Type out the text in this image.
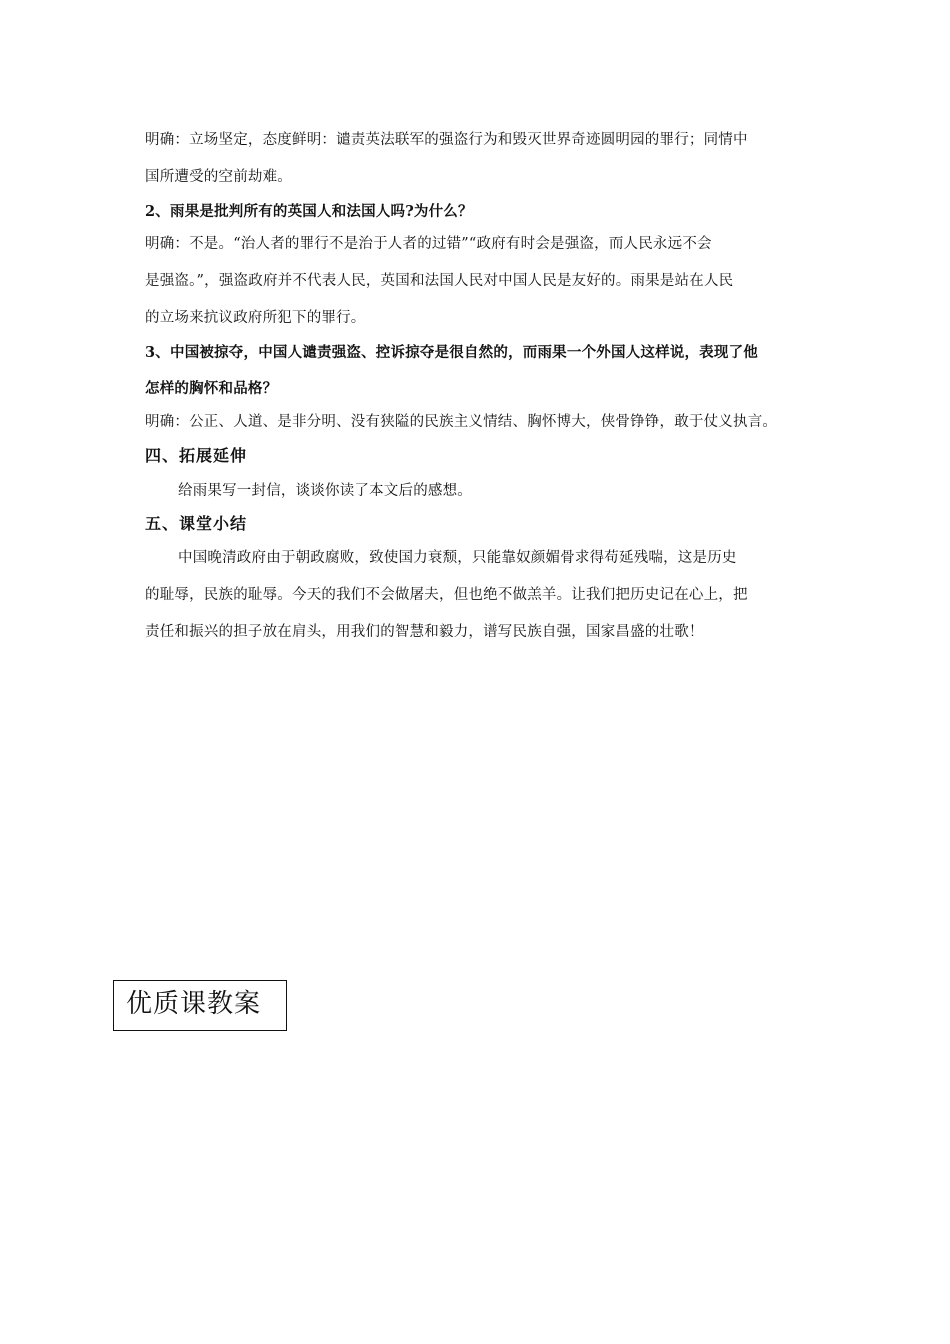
明确：立场坚定，态度鲜明：谴责英法联军的强盗行为和毁灭世界奇迹圆明园的罪行；同情中
国所遭受的空前劫难。
2、雨果是批判所有的英国人和法国人吗?为什么？
明确：不是。“治人者的罪行不是治于人者的过错”“政府有时会是强盗，而人民永远不会
是强盗。”，强盗政府并不代表人民，英国和法国人民对中国人民是友好的。雨果是站在人民
的立场来抗议政府所犯下的罪行。
3、中国被掠夺，中国人谴责强盗、控诉掠夺是很自然的，而雨果一个外国人这样说，表现了他
怎样的胸怀和品格？
明确：公正、人道、是非分明、没有狭隘的民族主义情结、胸怀博大，侠骨铮铮，敢于仗义执言。
四、拓展延伸
给雨果写一封信，谈谈你读了本文后的感想。
五、课堂小结
中国晚清政府由于朝政腐败，致使国力衰颓，只能靠奴颜媚骨求得苟延残喘，这是历史
的耻辱，民族的耻辱。今天的我们不会做屠夫，但也绝不做羔羊。让我们把历史记在心上，把
责任和振兴的担子放在肩头，用我们的智慧和毅力，谱写民族自强，国家昌盛的壮歌！
优质课教案
